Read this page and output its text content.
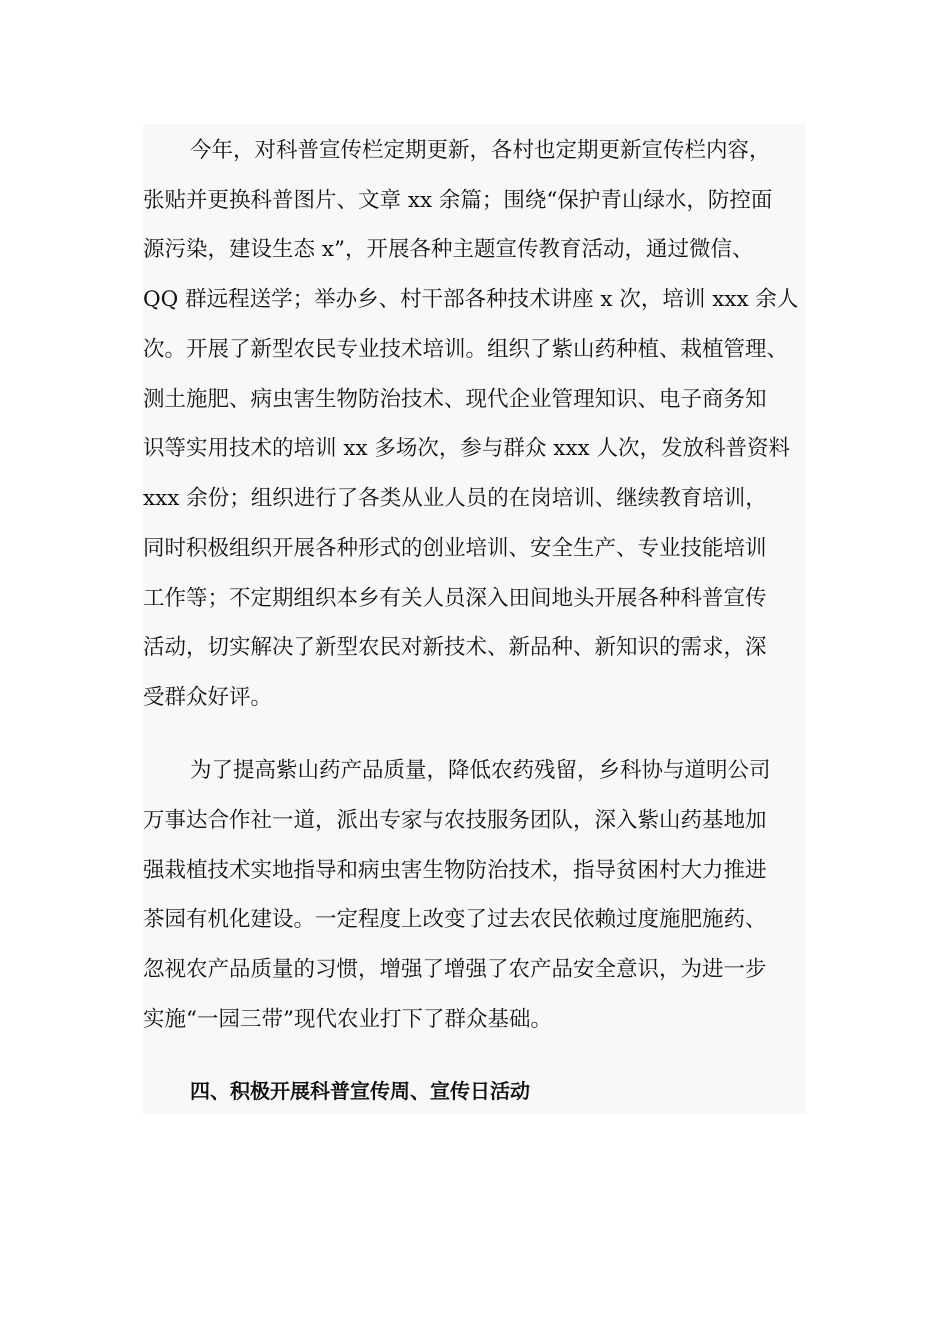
今年，对科普宣传栏定期更新，各村也定期更新宣传栏内容，
张贴并更换科普图片、文章 xx 余篇；围绕“保护青山绿水，防控面
源污染，建设生态 x”，开展各种主题宣传教育活动，通过微信、
QQ 群远程送学；举办乡、村干部各种技术讲座 x 次，培训 xxx 余人
次。开展了新型农民专业技术培训。组织了紫山药种植、栽植管理、
测土施肥、病虫害生物防治技术、现代企业管理知识、电子商务知
识等实用技术的培训 xx 多场次，参与群众 xxx 人次，发放科普资料
xxx 余份；组织进行了各类从业人员的在岗培训、继续教育培训，
同时积极组织开展各种形式的创业培训、安全生产、专业技能培训
工作等；不定期组织本乡有关人员深入田间地头开展各种科普宣传
活动，切实解决了新型农民对新技术、新品种、新知识的需求，深
受群众好评。
为了提高紫山药产品质量，降低农药残留，乡科协与道明公司
万事达合作社一道，派出专家与农技服务团队，深入紫山药基地加
强栽植技术实地指导和病虫害生物防治技术，指导贫困村大力推进
茶园有机化建设。一定程度上改变了过去农民依赖过度施肥施药、
忽视农产品质量的习惯，增强了增强了农产品安全意识，为进一步
实施“一园三带”现代农业打下了群众基础。
四、积极开展科普宣传周、宣传日活动
